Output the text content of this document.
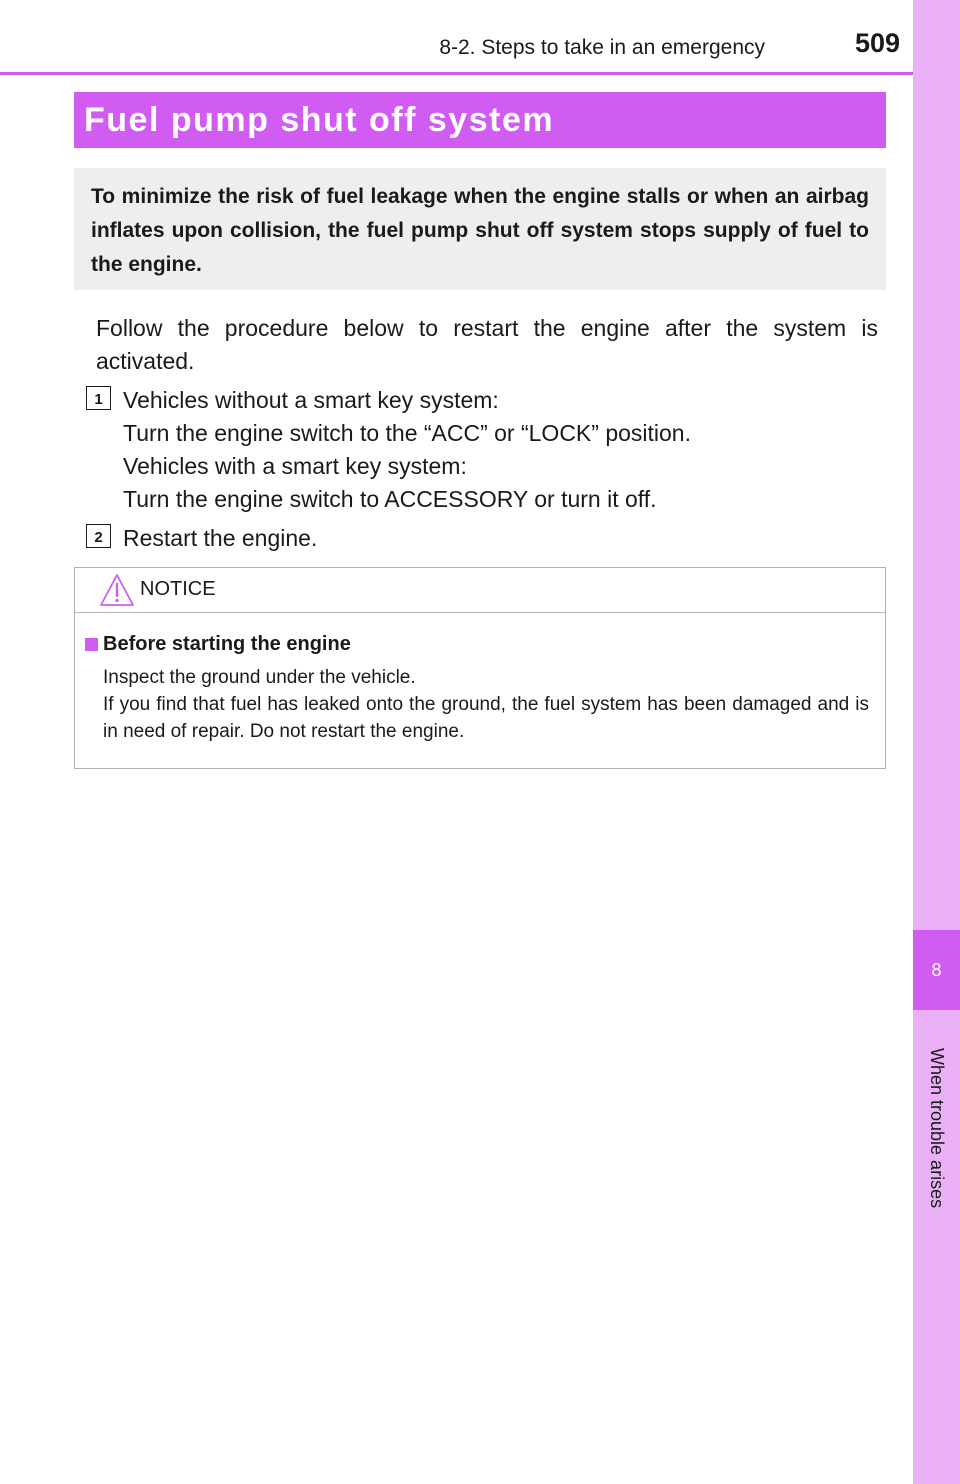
8
When trouble arises
8-2. Steps to take in an emergency	509
Fuel pump shut off system
To minimize the risk of fuel leakage when the engine stalls or when an airbag inflates upon collision, the fuel pump shut off system stops supply of fuel to the engine.
Follow the procedure below to restart the engine after the system is activated.
1 Vehicles without a smart key system:
Turn the engine switch to the “ACC” or “LOCK” position.
Vehicles with a smart key system:
Turn the engine switch to ACCESSORY or turn it off.
2 Restart the engine.
NOTICE
Before starting the engine

Inspect the ground under the vehicle.

If you find that fuel has leaked onto the ground, the fuel system has been damaged and is in need of repair. Do not restart the engine.
